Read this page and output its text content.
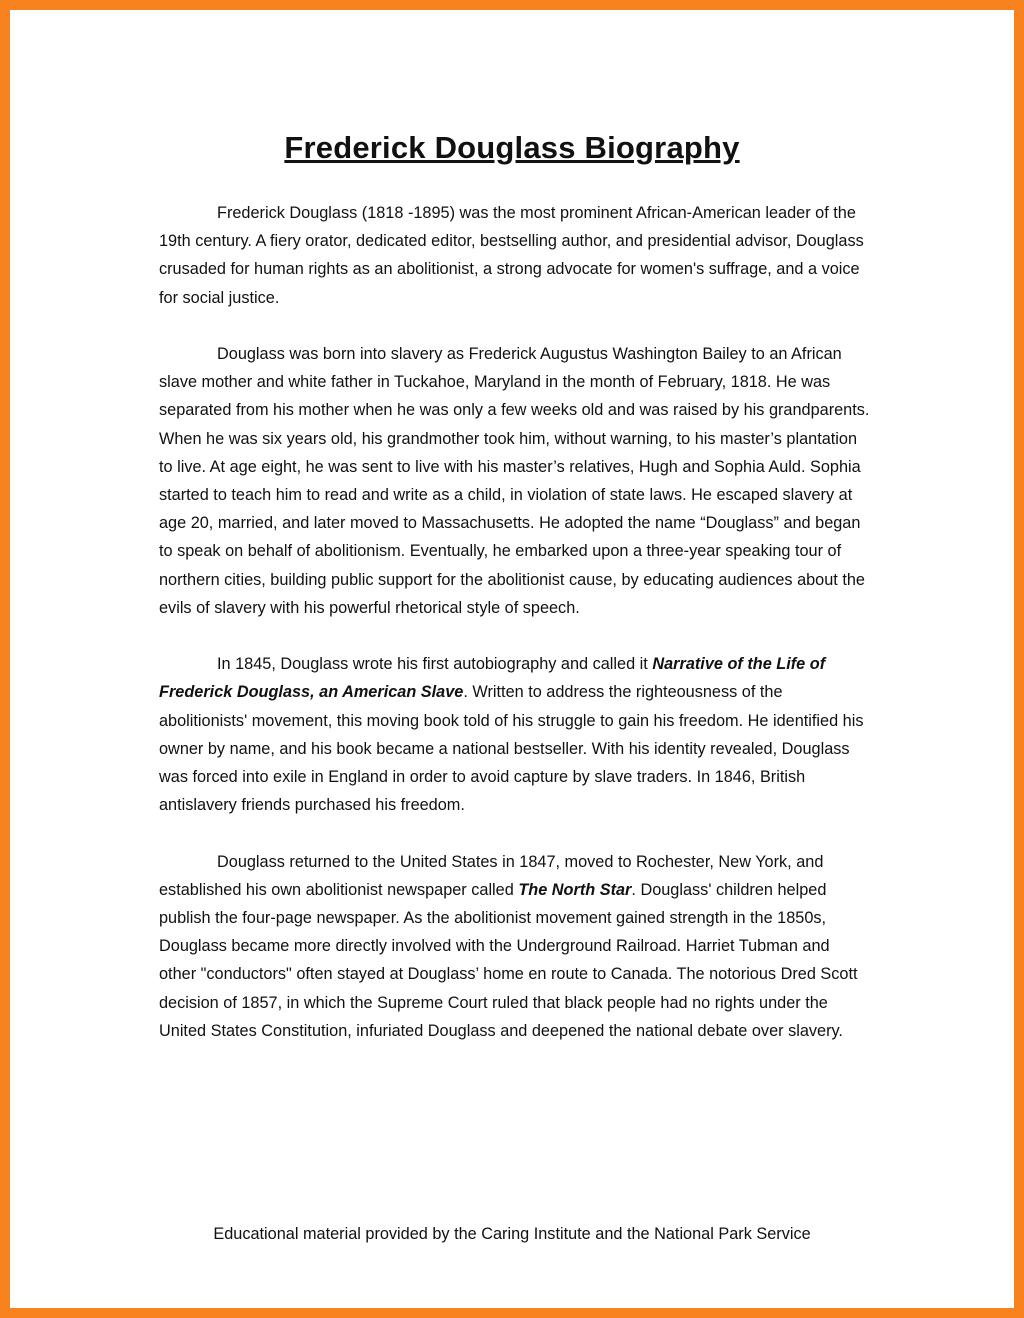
Frederick Douglass Biography

Frederick Douglass (1818 -1895) was the most prominent African-American leader of the 19th century. A fiery orator, dedicated editor, bestselling author, and presidential advisor, Douglass crusaded for human rights as an abolitionist, a strong advocate for women's suffrage, and a voice for social justice.

Douglass was born into slavery as Frederick Augustus Washington Bailey to an African slave mother and white father in Tuckahoe, Maryland in the month of February, 1818. He was separated from his mother when he was only a few weeks old and was raised by his grandparents. When he was six years old, his grandmother took him, without warning, to his master’s plantation to live. At age eight, he was sent to live with his master’s relatives, Hugh and Sophia Auld. Sophia started to teach him to read and write as a child, in violation of state laws. He escaped slavery at age 20, married, and later moved to Massachusetts. He adopted the name “Douglass” and began to speak on behalf of abolitionism. Eventually, he embarked upon a three-year speaking tour of northern cities, building public support for the abolitionist cause, by educating audiences about the evils of slavery with his powerful rhetorical style of speech.

In 1845, Douglass wrote his first autobiography and called it Narrative of the Life of Frederick Douglass, an American Slave. Written to address the righteousness of the abolitionists' movement, this moving book told of his struggle to gain his freedom. He identified his owner by name, and his book became a national bestseller. With his identity revealed, Douglass was forced into exile in England in order to avoid capture by slave traders. In 1846, British antislavery friends purchased his freedom.

Douglass returned to the United States in 1847, moved to Rochester, New York, and established his own abolitionist newspaper called The North Star. Douglass' children helped publish the four-page newspaper. As the abolitionist movement gained strength in the 1850s, Douglass became more directly involved with the Underground Railroad. Harriet Tubman and other "conductors" often stayed at Douglass’ home en route to Canada. The notorious Dred Scott decision of 1857, in which the Supreme Court ruled that black people had no rights under the United States Constitution, infuriated Douglass and deepened the national debate over slavery.

Educational material provided by the Caring Institute and the National Park Service
